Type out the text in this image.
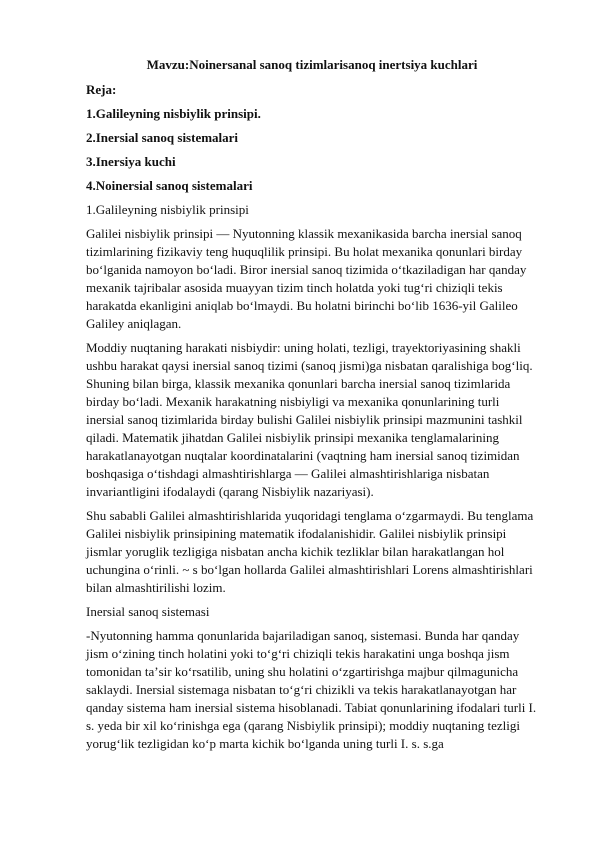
Mavzu:Noinersanal sanoq tizimlarisanoq inertsiya kuchlari

Reja:

1.Galileyning nisbiylik prinsipi.

2.Inersial sanoq sistemalari

3.Inersiya kuchi

4.Noinersial sanoq sistemalari

1.Galileyning nisbiylik prinsipi

Galilei nisbiylik prinsipi — Nyutonning klassik mexanikasida barcha inersial sanoq tizimlarining fizikaviy teng huquqlilik prinsipi. Bu holat mexanika qonunlari birday boʻlganida namoyon boʻladi. Biror inersial sanoq tizimida oʻtkaziladigan har qanday mexanik tajribalar asosida muayyan tizim tinch holatda yoki tugʻri chiziqli tekis harakatda ekanligini aniqlab boʻlmaydi. Bu holatni birinchi boʻlib 1636-yil Galileo Galiley aniqlagan.

Moddiy nuqtaning harakati nisbiydir: uning holati, tezligi, trayektoriyasining shakli ushbu harakat qaysi inersial sanoq tizimi (sanoq jismi)ga nisbatan qaralishiga bogʻliq. Shuning bilan birga, klassik mexanika qonunlari barcha inersial sanoq tizimlarida birday boʻladi. Mexanik harakatning nisbiyligi va mexanika qonunlarining turli inersial sanoq tizimlarida birday bulishi Galilei nisbiylik prinsipi mazmunini tashkil qiladi. Matematik jihatdan Galilei nisbiylik prinsipi mexanika tenglamalarining harakatlanayotgan nuqtalar koordinatalarini (vaqtning ham inersial sanoq tizimidan boshqasiga oʻtishdagi almashtirishlarga — Galilei almashtirishlariga nisbatan invariantligini ifodalaydi (qarang Nisbiylik nazariyasi).

Shu sababli Galilei almashtirishlarida yuqoridagi tenglama oʻzgarmaydi. Bu tenglama Galilei nisbiylik prinsipining matematik ifodalanishidir. Galilei nisbiylik prinsipi jismlar yoruglik tezligiga nisbatan ancha kichik tezliklar bilan harakatlangan hol uchungina oʻrinli. ~ s boʻlgan hollarda Galilei almashtirishlari Lorens almashtirishlari bilan almashtirilishi lozim.

Inersial sanoq sistemasi

-Nyutonning hamma qonunlarida bajariladigan sanoq, sistemasi. Bunda har qanday jism oʻzining tinch holatini yoki toʻgʻri chiziqli tekis harakatini unga boshqa jism tomonidan taʼsir koʻrsatilib, uning shu holatini oʻzgartirishga majbur qilmagunicha saklaydi. Inersial sistemaga nisbatan toʻgʻri chizikli va tekis harakatlanayotgan har qanday sistema ham inersial sistema hisoblanadi. Tabiat qonunlarining ifodalari turli I. s. yeda bir xil koʻrinishga ega (qarang Nisbiylik prinsipi); moddiy nuqtaning tezligi yorugʻlik tezligidan koʻp marta kichik boʻlganda uning turli I. s. s.ga
